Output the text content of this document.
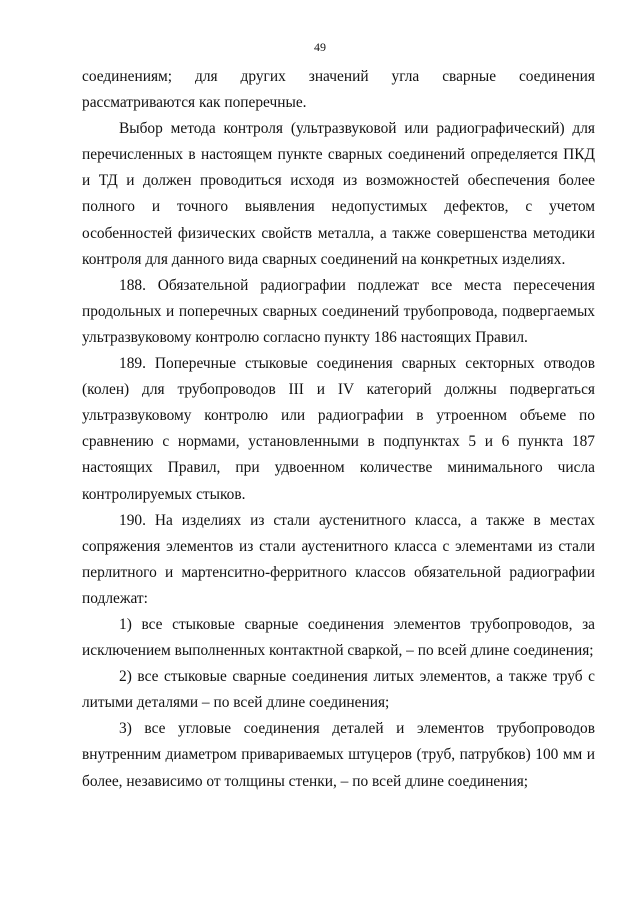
49

соединениям; для других значений угла сварные соединения рассматриваются как поперечные.

Выбор метода контроля (ультразвуковой или радиографический) для перечисленных в настоящем пункте сварных соединений определяется ПКД и ТД и должен проводиться исходя из возможностей обеспечения более полного и точного выявления недопустимых дефектов, с учетом особенностей физических свойств металла, а также совершенства методики контроля для данного вида сварных соединений на конкретных изделиях.

188. Обязательной радиографии подлежат все места пересечения продольных и поперечных сварных соединений трубопровода, подвергаемых ультразвуковому контролю согласно пункту 186 настоящих Правил.

189. Поперечные стыковые соединения сварных секторных отводов (колен) для трубопроводов III и IV категорий должны подвергаться ультразвуковому контролю или радиографии в утроенном объеме по сравнению с нормами, установленными в подпунктах 5 и 6 пункта 187 настоящих Правил, при удвоенном количестве минимального числа контролируемых стыков.

190. На изделиях из стали аустенитного класса, а также в местах сопряжения элементов из стали аустенитного класса с элементами из стали перлитного и мартенситно-ферритного классов обязательной радиографии подлежат:

1) все стыковые сварные соединения элементов трубопроводов, за исключением выполненных контактной сваркой, – по всей длине соединения;

2) все стыковые сварные соединения литых элементов, а также труб с литыми деталями – по всей длине соединения;

3) все угловые соединения деталей и элементов трубопроводов внутренним диаметром привариваемых штуцеров (труб, патрубков) 100 мм и более, независимо от толщины стенки, – по всей длине соединения;
